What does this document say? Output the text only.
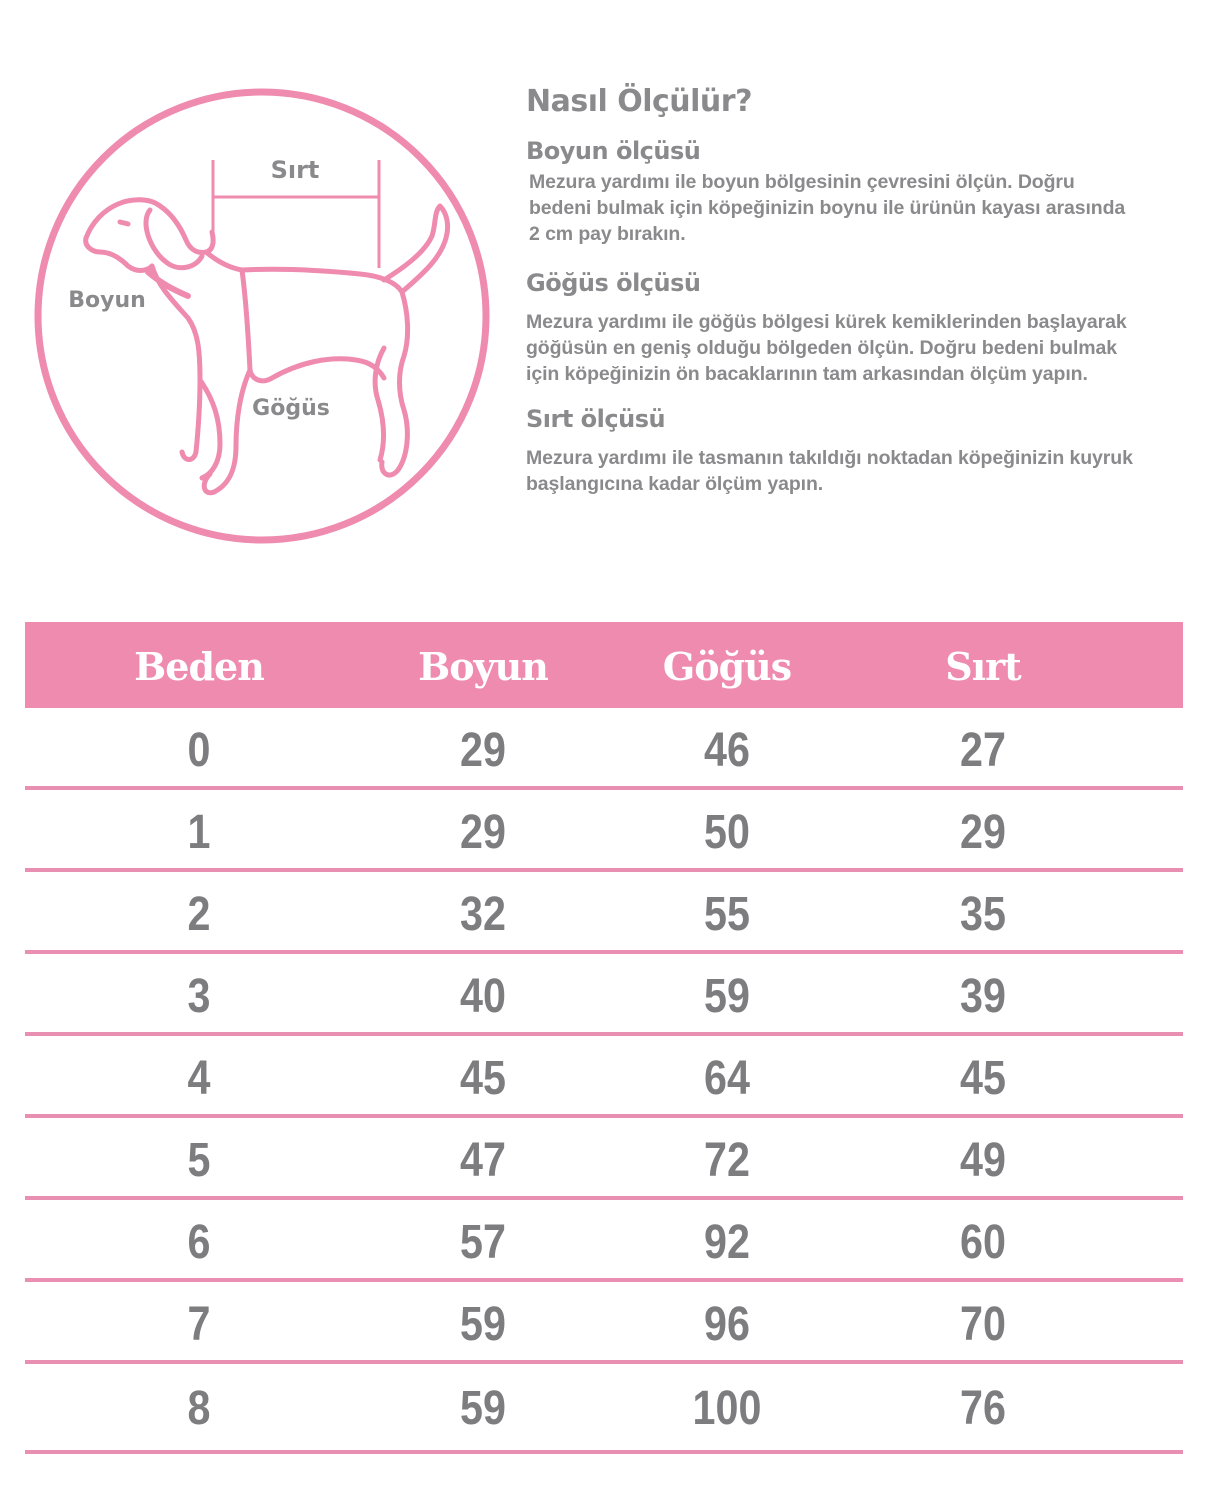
Sırt
Boyun
Göğüs
Nasıl Ölçülür?
Boyun ölçüsü

Mezura yardımı ile boyun bölgesinin çevresini ölçün. Doğru

bedeni bulmak için köpeğinizin boynu ile ürünün kayası arasında

2 cm pay bırakın.

Göğüs ölçüsü

Mezura yardımı ile göğüs bölgesi kürek kemiklerinden başlayarak

göğüsün en geniş olduğu bölgeden ölçün. Doğru bedeni bulmak

için köpeğinizin ön bacaklarının tam arkasından ölçüm yapın.

Sırt ölçüsü

Mezura yardımı ile tasmanın takıldığı noktadan köpeğinizin kuyruk

başlangıcına kadar ölçüm yapın.

Beden	Boyun	Göğüs	Sırt
0	29	46	27
1	29	50	29
2	32	55	35
3	40	59	39
4	45	64	45
5	47	72	49
6	57	92	60
7	59	96	70
8	59	100	76
